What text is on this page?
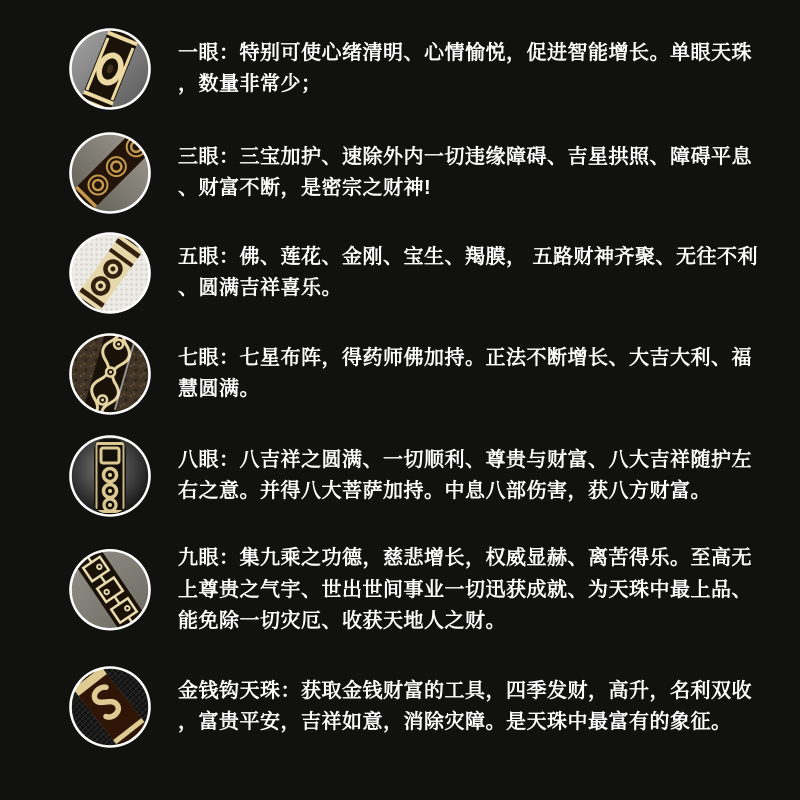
一眼：特别可使心绪清明、心情愉悦，促进智能增长。单眼天珠，数量非常少；

三眼：三宝加护、速除外内一切违缘障碍、吉星拱照、障碍平息、财富不断，是密宗之财神!

五眼：佛、莲花、金刚、宝生、羯膜， 五路财神齐聚、无往不利、圆满吉祥喜乐。

七眼：七星布阵，得药师佛加持。正法不断增长、大吉大利、福慧圆满。

八眼：八吉祥之圆满、一切顺利、尊贵与财富、八大吉祥随护左右之意。并得八大菩萨加持。中息八部伤害，获八方财富。

九眼：集九乘之功德，慈悲增长，权威显赫、离苦得乐。至高无上尊贵之气宇、世出世间事业一切迅获成就、为天珠中最上品、能免除一切灾厄、收获天地人之财。

金钱钩天珠：获取金钱财富的工具，四季发财，高升，名利双收，富贵平安，吉祥如意，消除灾障。是天珠中最富有的象征。
